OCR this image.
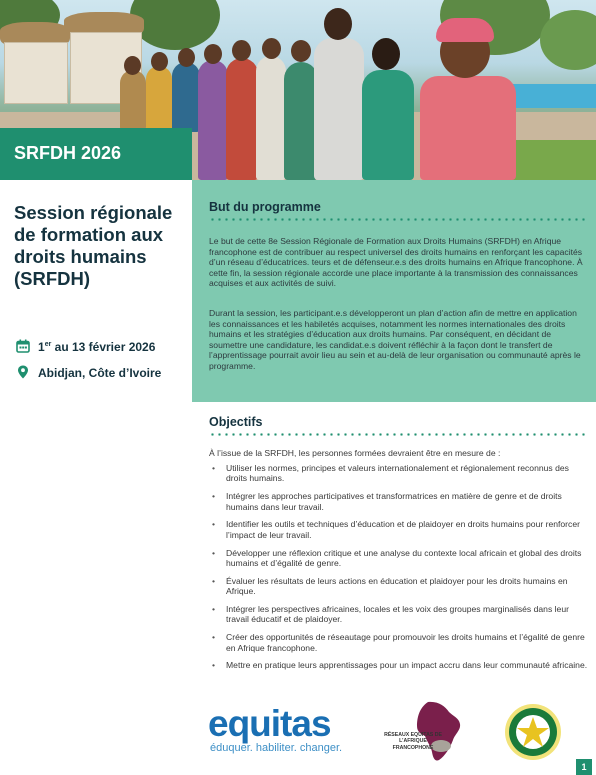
SRFDH 2026
Session régionale de formation aux droits humains (SRFDH)
1er au 13 février 2026
Abidjan, Côte d’Ivoire
But du programme

Le but de cette 8e Session Régionale de Formation aux Droits Humains (SRFDH) en Afrique francophone est de contribuer au respect universel des droits humains en renforçant les capacités d’un réseau d’éducatrices. teurs et de défenseur.e.s des droits humains en Afrique francophone. À cette fin, la session régionale accorde une place importante à la transmission des connaissances acquises et aux activités de suivi.

Durant la session, les participant.e.s développeront un plan d’action afin de mettre en application les connaissances et les habiletés acquises, notamment les normes internationales des droits humains et les stratégies d’éducation aux droits humains. Par conséquent, en décidant de soumettre une candidature, les candidat.e.s doivent réfléchir à la façon dont le transfert de l’apprentissage pourrait avoir lieu au sein et au-delà de leur organisation ou communauté après le programme.

Objectifs

À l’issue de la SRFDH, les personnes formées devraient être en mesure de :

• Utiliser les normes, principes et valeurs internationalement et régionalement reconnus des droits humains.
• Intégrer les approches participatives et transformatrices en matière de genre et de droits humains dans leur travail.
• Identifier les outils et techniques d’éducation et de plaidoyer en droits humains pour renforcer l’impact de leur travail.
• Développer une réflexion critique et une analyse du contexte local africain et global des droits humains et d’égalité de genre.
• Évaluer les résultats de leurs actions en éducation et plaidoyer pour les droits humains en Afrique.
• Intégrer les perspectives africaines, locales et les voix des groupes marginalisés dans leur travail éducatif et de plaidoyer.
• Créer des opportunités de réseautage pour promouvoir les droits humains et l’égalité de genre en Afrique francophone.
• Mettre en pratique leurs apprentissages pour un impact accru dans leur communauté africaine.
equitas
éduquer. habiliter. changer.
RÉSEAUX EQUITAS DE L’AFRIQUE FRANCOPHONE
1
